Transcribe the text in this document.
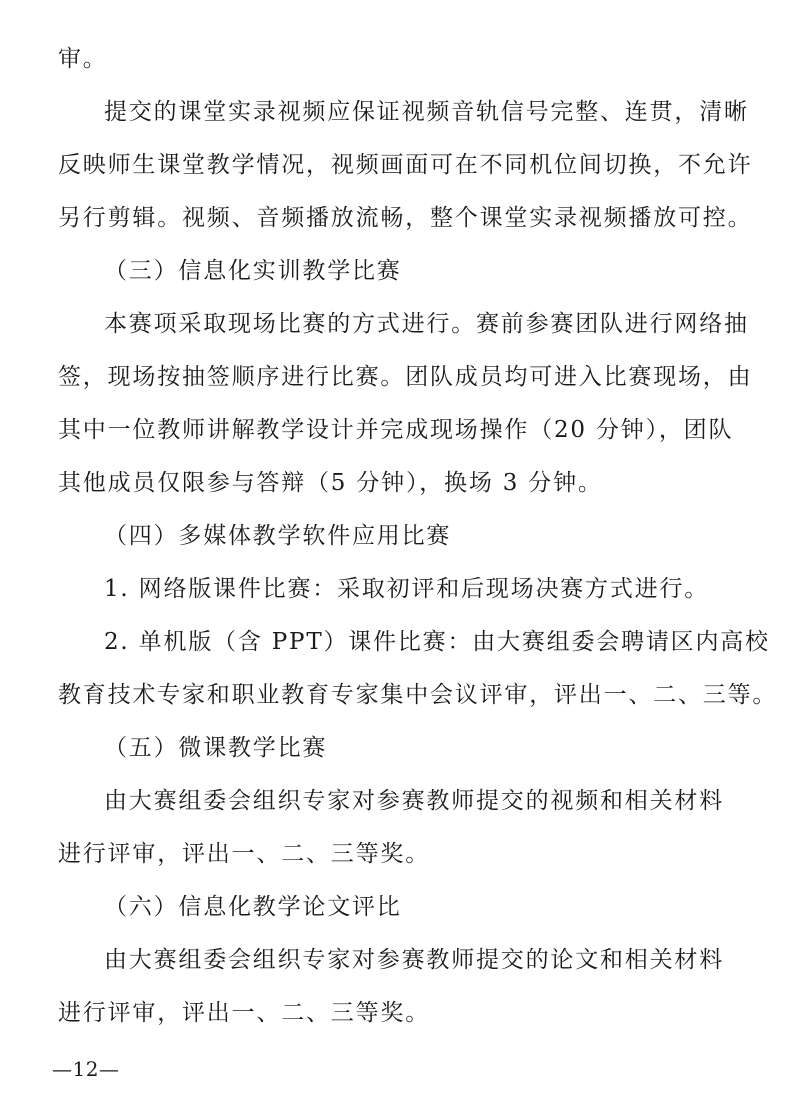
审。
提交的课堂实录视频应保证视频音轨信号完整、连贯，清晰
反映师生课堂教学情况，视频画面可在不同机位间切换，不允许
另行剪辑。视频、音频播放流畅，整个课堂实录视频播放可控。
（三）信息化实训教学比赛
本赛项采取现场比赛的方式进行。赛前参赛团队进行网络抽
签，现场按抽签顺序进行比赛。团队成员均可进入比赛现场，由
其中一位教师讲解教学设计并完成现场操作（20 分钟），团队
其他成员仅限参与答辩（5 分钟），换场 3 分钟。
（四）多媒体教学软件应用比赛
1. 网络版课件比赛：采取初评和后现场决赛方式进行。
2. 单机版（含 PPT）课件比赛：由大赛组委会聘请区内高校
教育技术专家和职业教育专家集中会议评审，评出一、二、三等。
（五）微课教学比赛
由大赛组委会组织专家对参赛教师提交的视频和相关材料
进行评审，评出一、二、三等奖。
（六）信息化教学论文评比
由大赛组委会组织专家对参赛教师提交的论文和相关材料
进行评审，评出一、二、三等奖。
—12—
